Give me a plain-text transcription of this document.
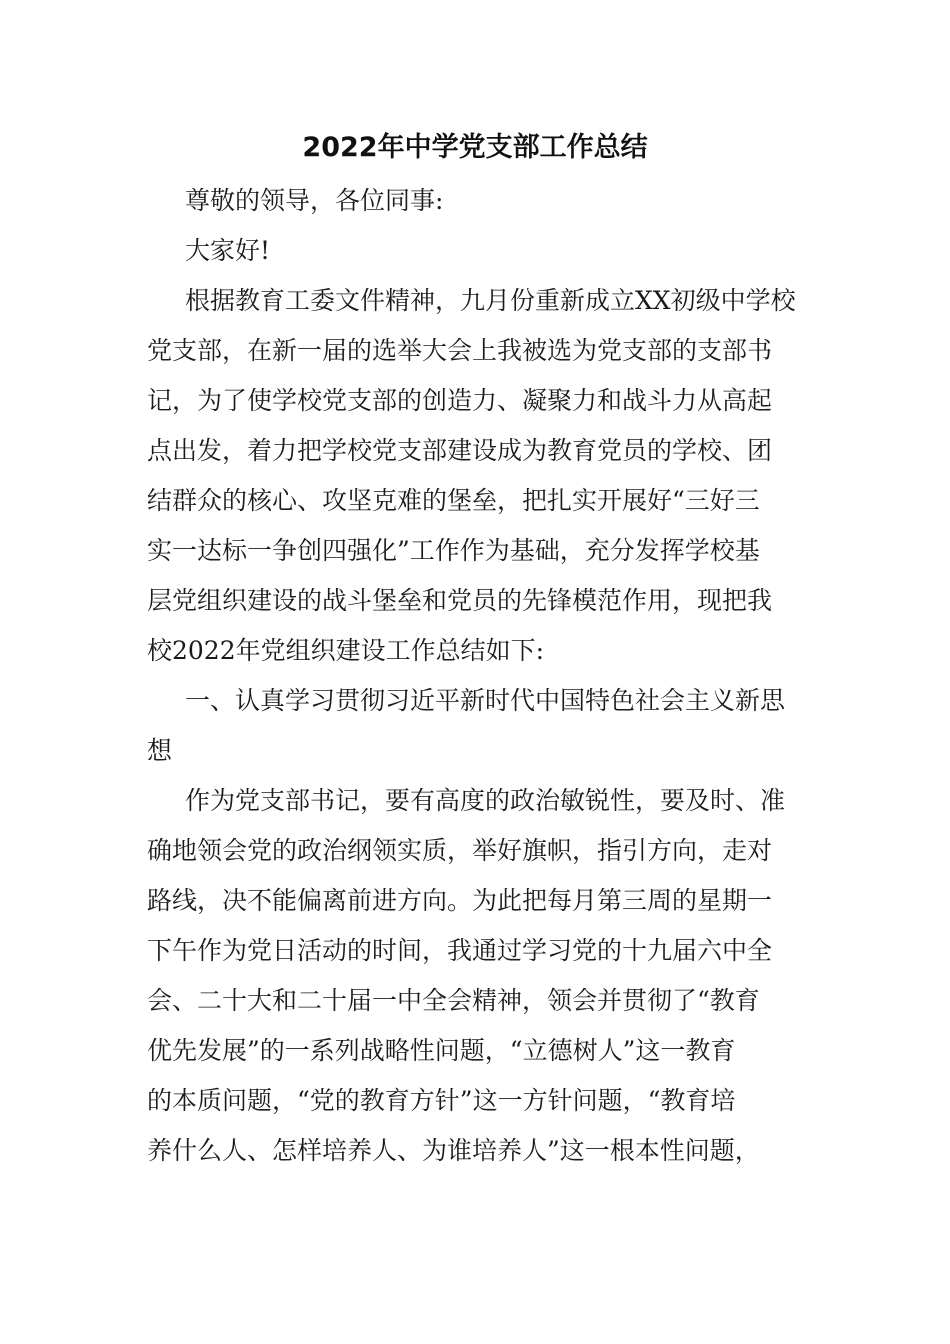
2022年中学党支部工作总结
尊敬的领导，各位同事:
大家好!
根据教育工委文件精神，九月份重新成立XX初级中学校
党支部，在新一届的选举大会上我被选为党支部的支部书
记，为了使学校党支部的创造力、凝聚力和战斗力从高起
点出发，着力把学校党支部建设成为教育党员的学校、团
结群众的核心、攻坚克难的堡垒，把扎实开展好“三好三
实一达标一争创四强化”工作作为基础，充分发挥学校基
层党组织建设的战斗堡垒和党员的先锋模范作用，现把我
校2022年党组织建设工作总结如下:
一、认真学习贯彻习近平新时代中国特色社会主义新思
想
作为党支部书记，要有高度的政治敏锐性，要及时、准
确地领会党的政治纲领实质，举好旗帜，指引方向，走对
路线，决不能偏离前进方向。为此把每月第三周的星期一
下午作为党日活动的时间，我通过学习党的十九届六中全
会、二十大和二十届一中全会精神，领会并贯彻了“教育
优先发展”的一系列战略性问题，“立德树人”这一教育
的本质问题，“党的教育方针”这一方针问题，“教育培
养什么人、怎样培养人、为谁培养人”这一根本性问题，
